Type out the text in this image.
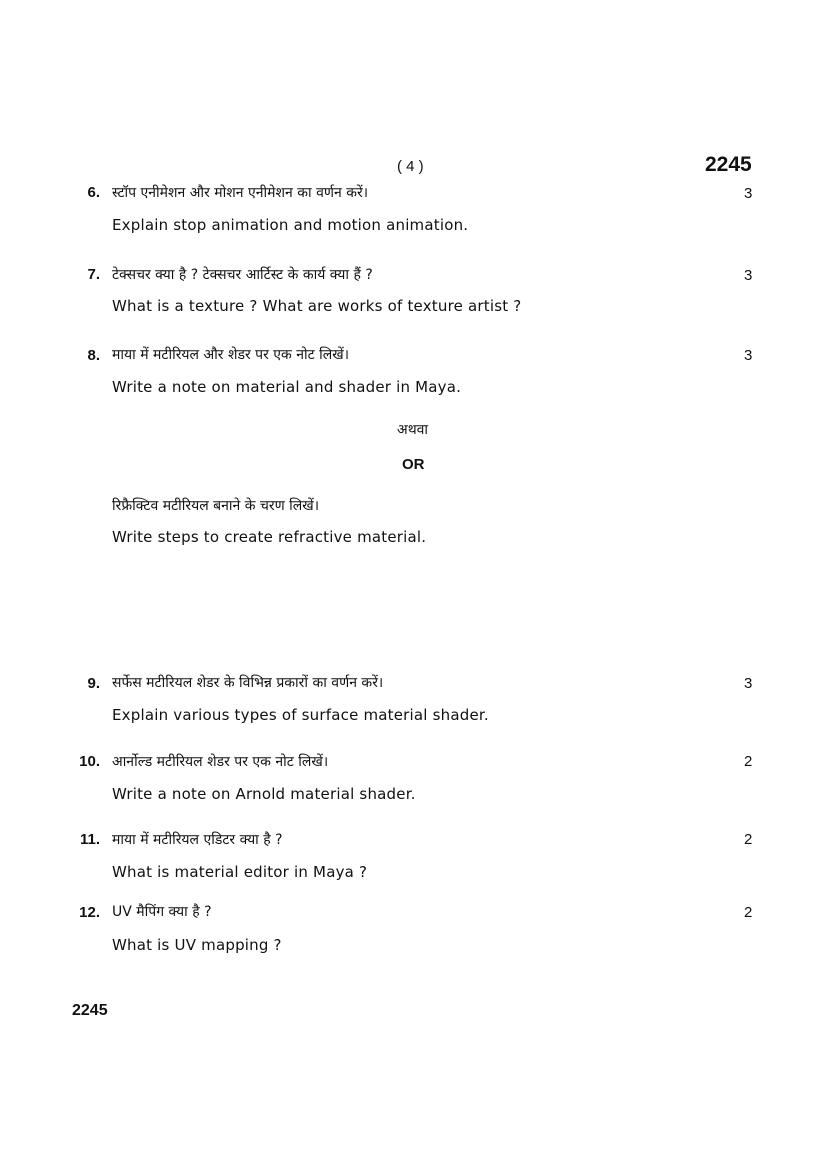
( 4 )	2245
6. स्टॉप एनीमेशन और मोशन एनीमेशन का वर्णन करें।	3
Explain stop animation and motion animation.
7. टेक्सचर क्या है ? टेक्सचर आर्टिस्ट के कार्य क्या हैं ?	3
What is a texture ? What are works of texture artist ?
8. माया में मटीरियल और शेडर पर एक नोट लिखें।	3
Write a note on material and shader in Maya.
अथवा
OR
रिफ्रैक्टिव मटीरियल बनाने के चरण लिखें।
Write steps to create refractive material.
9. सर्फेस मटीरियल शेडर के विभिन्न प्रकारों का वर्णन करें।	3
Explain various types of surface material shader.
10. आर्नोल्ड मटीरियल शेडर पर एक नोट लिखें।	2
Write a note on Arnold material shader.
11. माया में मटीरियल एडिटर क्या है ?	2
What is material editor in Maya ?
12. UV मैपिंग क्या है ?	2
What is UV mapping ?
2245
